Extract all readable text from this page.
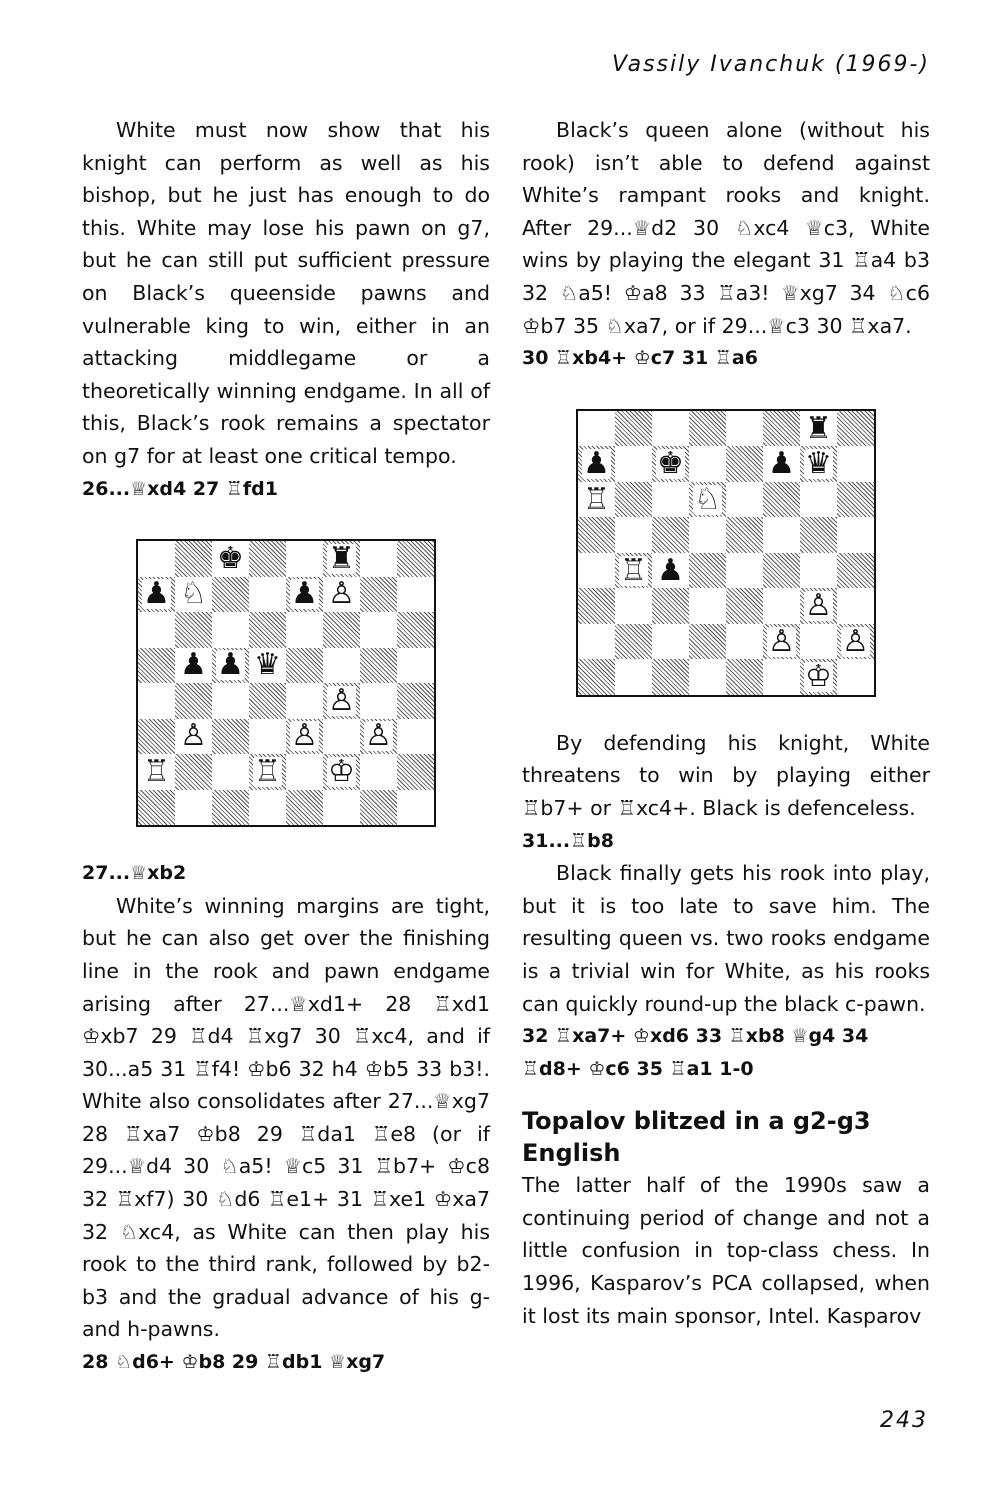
Vassily Ivanchuk (1969-)

White must now show that his knight can perform as well as his bishop, but he just has enough to do this. White may lose his pawn on g7, but he can still put sufficient pressure on Black’s queenside pawns and vulnerable king to win, either in an attacking middlegame or a theoretically winning endgame. In all of this, Black’s rook remains a spectator on g7 for at least one critical tempo.

26...♕xd4 27 ♖fd1

♚	♜
♟ ♘	♟ ♙
♟ ♟ ♛
♙
♙	♙ ♙
♖	♖ ♔

27...♕xb2

White’s winning margins are tight, but he can also get over the finishing line in the rook and pawn endgame arising after 27...♕xd1+ 28 ♖xd1 ♔xb7 29 ♖d4 ♖xg7 30 ♖xc4, and if 30...a5 31 ♖f4! ♔b6 32 h4 ♔b5 33 b3!. White also consolidates after 27...♕xg7 28 ♖xa7 ♔b8 29 ♖da1 ♖e8 (or if 29...♕d4 30 ♘a5! ♕c5 31 ♖b7+ ♔c8 32 ♖xf7) 30 ♘d6 ♖e1+ 31 ♖xe1 ♔xa7 32 ♘xc4, as White can then play his rook to the third rank, followed by b2-b3 and the gradual advance of his g- and h-pawns.

28 ♘d6+ ♔b8 29 ♖db1 ♕xg7

Black’s queen alone (without his rook) isn’t able to defend against White’s rampant rooks and knight. After 29...♕d2 30 ♘xc4 ♕c3, White wins by playing the elegant 31 ♖a4 b3 32 ♘a5! ♔a8 33 ♖a3! ♕xg7 34 ♘c6 ♔b7 35 ♘xa7, or if 29...♕c3 30 ♖xa7.

30 ♖xb4+ ♔c7 31 ♖a6

♜
♟ ♚	♟ ♛
♖	♘
♖ ♟
♙
♙ ♙
♔

By defending his knight, White threatens to win by playing either ♖b7+ or ♖xc4+. Black is defenceless.

31...♖b8

Black finally gets his rook into play, but it is too late to save him. The resulting queen vs. two rooks endgame is a trivial win for White, as his rooks can quickly round-up the black c-pawn.

32 ♖xa7+ ♔xd6 33 ♖xb8 ♕g4 34 ♖d8+ ♔c6 35 ♖a1 1-0

Topalov blitzed in a g2-g3 English

The latter half of the 1990s saw a continuing period of change and not a little confusion in top-class chess. In 1996, Kasparov’s PCA collapsed, when it lost its main sponsor, Intel. Kasparov

243
